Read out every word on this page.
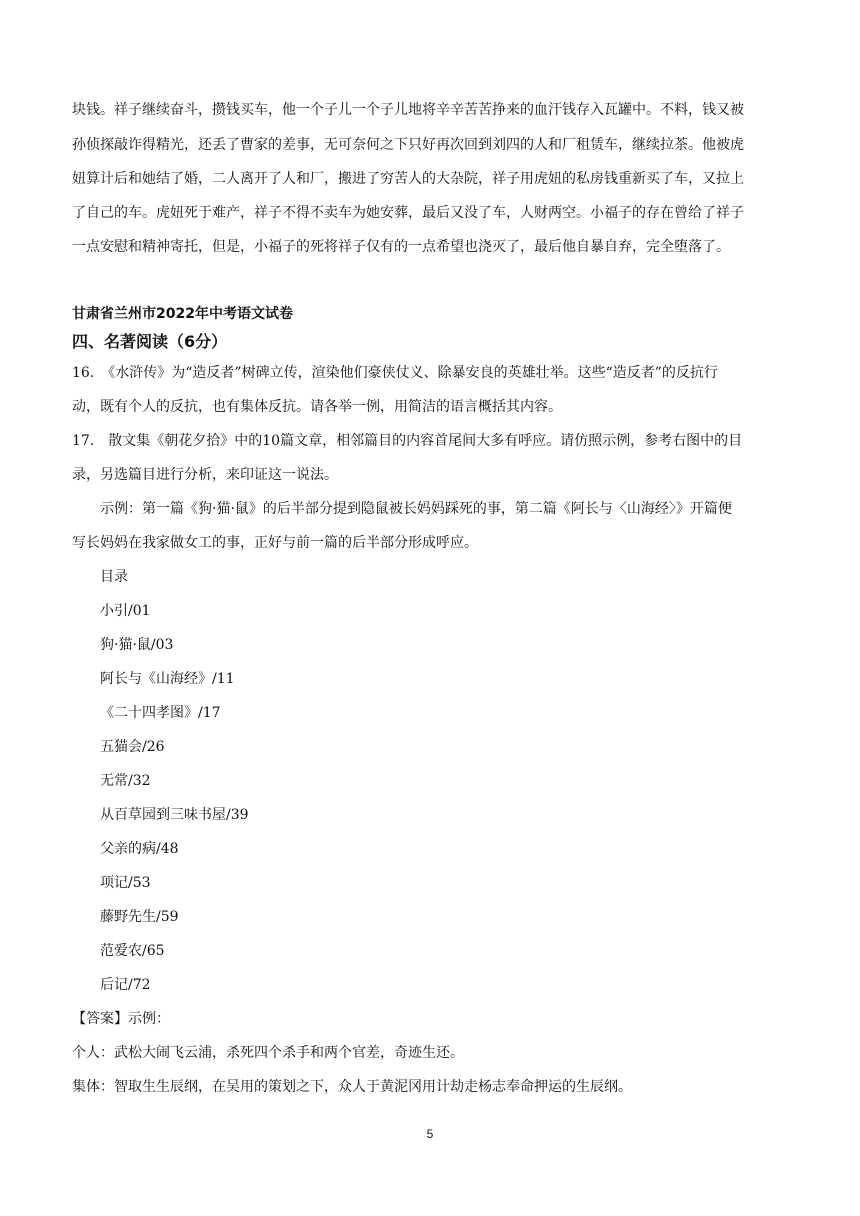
块钱。祥子继续奋斗，攒钱买车，他一个子儿一个子儿地将辛辛苦苦挣来的血汗钱存入瓦罐中。不料，钱又被
孙侦探敲诈得精光，还丢了曹家的差事，无可奈何之下只好再次回到刘四的人和厂租赁车，继续拉茶。他被虎
妞算计后和她结了婚，二人离开了人和厂，搬进了穷苦人的大杂院，祥子用虎妞的私房钱重新买了车，又拉上
了自己的车。虎妞死于难产，祥子不得不卖车为她安葬，最后又没了车，人财两空。小福子的存在曾给了祥子
一点安慰和精神寄托，但是，小福子的死将祥子仅有的一点希望也浇灭了，最后他自暴自弃，完全堕落了。
甘肃省兰州市2022年中考语文试卷
四、名著阅读（6分）
16.　《水浒传》为“造反者”树碑立传，渲染他们豪侠仗义、除暴安良的英雄壮举。这些“造反者”的反抗行
动，既有个人的反抗，也有集体反抗。请各举一例，用简洁的语言概括其内容。
17.　散文集《朝花夕拾》中的10篇文章，相邻篇目的内容首尾间大多有呼应。请仿照示例，参考右图中的目
录，另选篇目进行分析，来印证这一说法。
示例：第一篇《狗·猫·鼠》的后半部分提到隐鼠被长妈妈踩死的事，第二篇《阿长与〈山海经〉》开篇便
写长妈妈在我家做女工的事，正好与前一篇的后半部分形成呼应。
目录
小引/01
狗·猫·鼠/03
阿长与《山海经》/11
《二十四孝图》/17
五猫会/26
无常/32
从百草园到三味书屋/39
父亲的病/48
项记/53
藤野先生/59
范爱农/65
后记/72
【答案】示例：
个人：武松大闹飞云浦，杀死四个杀手和两个官差，奇迹生还。
集体：智取生生辰纲，在吴用的策划之下，众人于黄泥冈用计劫走杨志奉命押运的生辰纲。
5
